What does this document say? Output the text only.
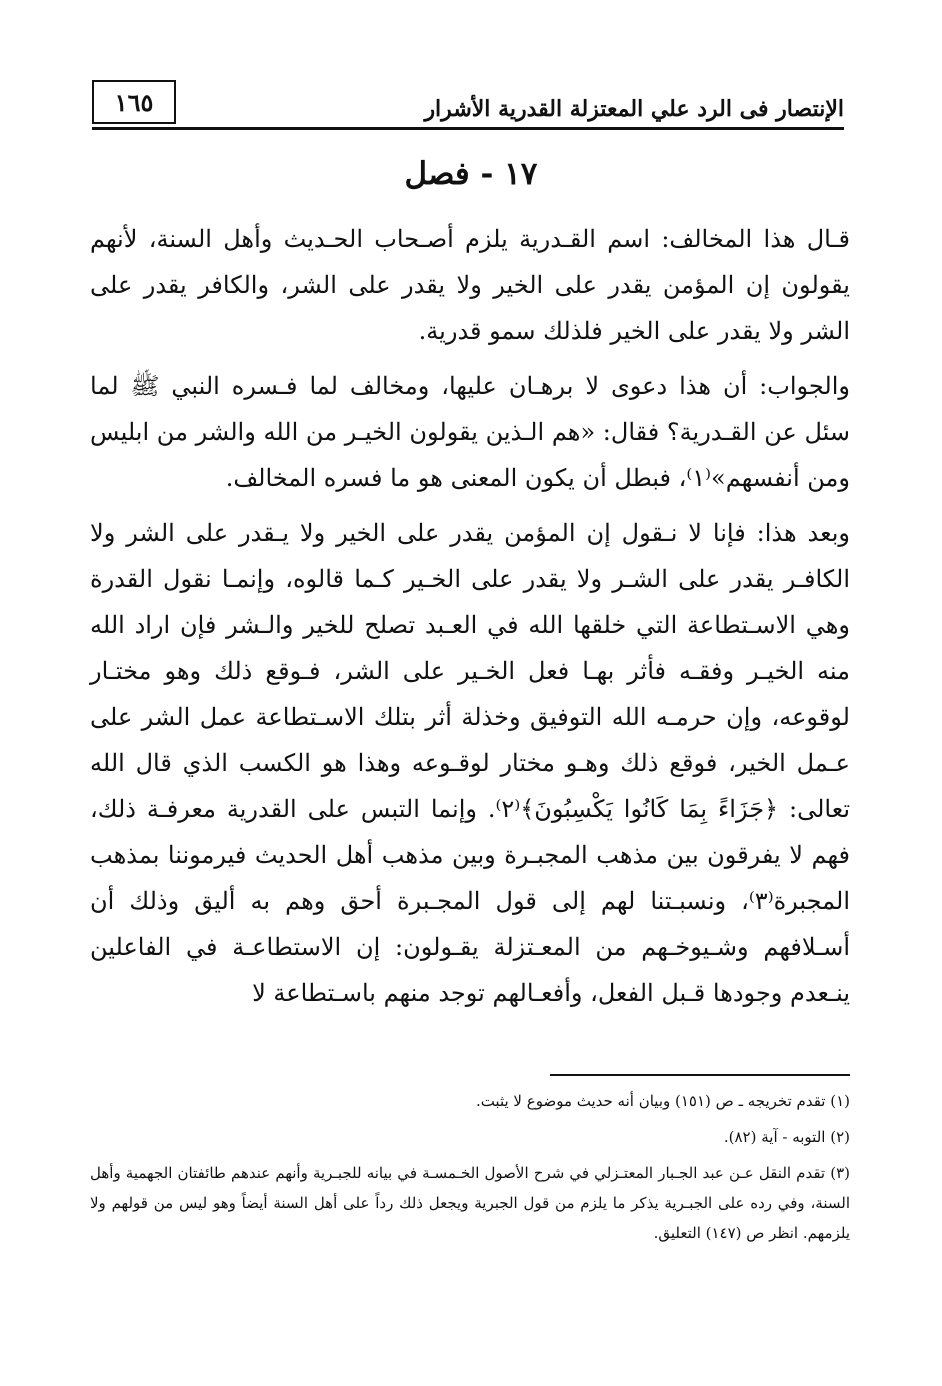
الإنتصار فى الرد علي المعتزلة القدرية الأشرار
١٦٥
١٧ - فصل

قـال هذا المخالف: اسم القـدرية يلزم أصـحاب الحـديث وأهل السنة، لأنهم يقولون إن المؤمن يقدر على الخير ولا يقدر على الشر، والكافر يقدر على الشر ولا يقدر على الخير فلذلك سمو قدرية.

والجواب: أن هذا دعوى لا برهـان عليها، ومخالف لما فـسره النبي ﷺ لما سئل عن القـدرية؟ فقال: «هم الـذين يقولون الخيـر من الله والشر من ابليس ومن أنفسهم»⁽١⁾، فبطل أن يكون المعنى هو ما فسره المخالف.

وبعد هذا: فإنا لا نـقول إن المؤمن يقدر على الخير ولا يـقدر على الشر ولا الكافـر يقدر على الشـر ولا يقدر على الخـير كـما قالوه، وإنمـا نقول القدرة وهي الاسـتطاعة التي خلقها الله في العـبد تصلح للخير والـشر فإن اراد الله منه الخيـر وفقـه فأثر بهـا فعل الخـير على الشر، فـوقع ذلك وهو مختـار لوقوعه، وإن حرمـه الله التوفيق وخذلة أثر بتلك الاسـتطاعة عمل الشر على عـمل الخير، فوقع ذلك وهـو مختار لوقـوعه وهذا هو الكسب الذي قال الله تعالى: ﴿جَزَاءً بِمَا كَانُوا يَكْسِبُونَ﴾⁽٢⁾. وإنما التبس على القدرية معرفـة ذلك، فهم لا يفرقون بين مذهب المجبـرة وبين مذهب أهل الحديث فيرموننا بمذهب المجبرة⁽٣⁾، ونسبـتنا لهم إلى قول المجـبرة أحق وهم به أليق وذلك أن أسـلافهم وشـيوخـهم من المعـتزلة يقـولون: إن الاستطاعـة في الفاعلين ينـعدم وجودها قـبل الفعل، وأفعـالهم توجد منهم باسـتطاعة لا

(١) تقدم تخريجه ـ ص (١٥١) وبيان أنه حديث موضوع لا يثبت.

(٢) التوبه - آية (٨٢).

(٣) تقدم النقل عـن عبد الجـبار المعتـزلي في شرح الأصول الخـمسـة في بيانه للجبـرية وأنهم عندهم طائفتان الجهمية وأهل السنة، وفي رده على الجبـرية يذكر ما يلزم من قول الجبرية ويجعل ذلك رداً على أهل السنة أيضاً وهو ليس من قولهم ولا يلزمهم. انظر ص (١٤٧) التعليق.
